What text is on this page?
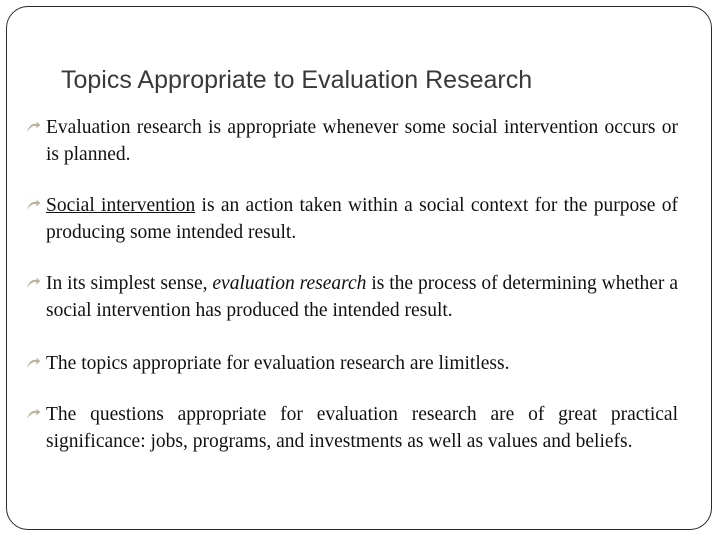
Topics Appropriate to Evaluation Research
Evaluation research is appropriate whenever some social intervention occurs or is planned.
Social intervention is an action taken within a social context for the purpose of producing some intended result.
In its simplest sense, evaluation research is the process of determining whether a social intervention has produced the intended result.
The topics appropriate for evaluation research are limitless.
The questions appropriate for evaluation research are of great practical significance: jobs, programs, and investments as well as values and beliefs.
